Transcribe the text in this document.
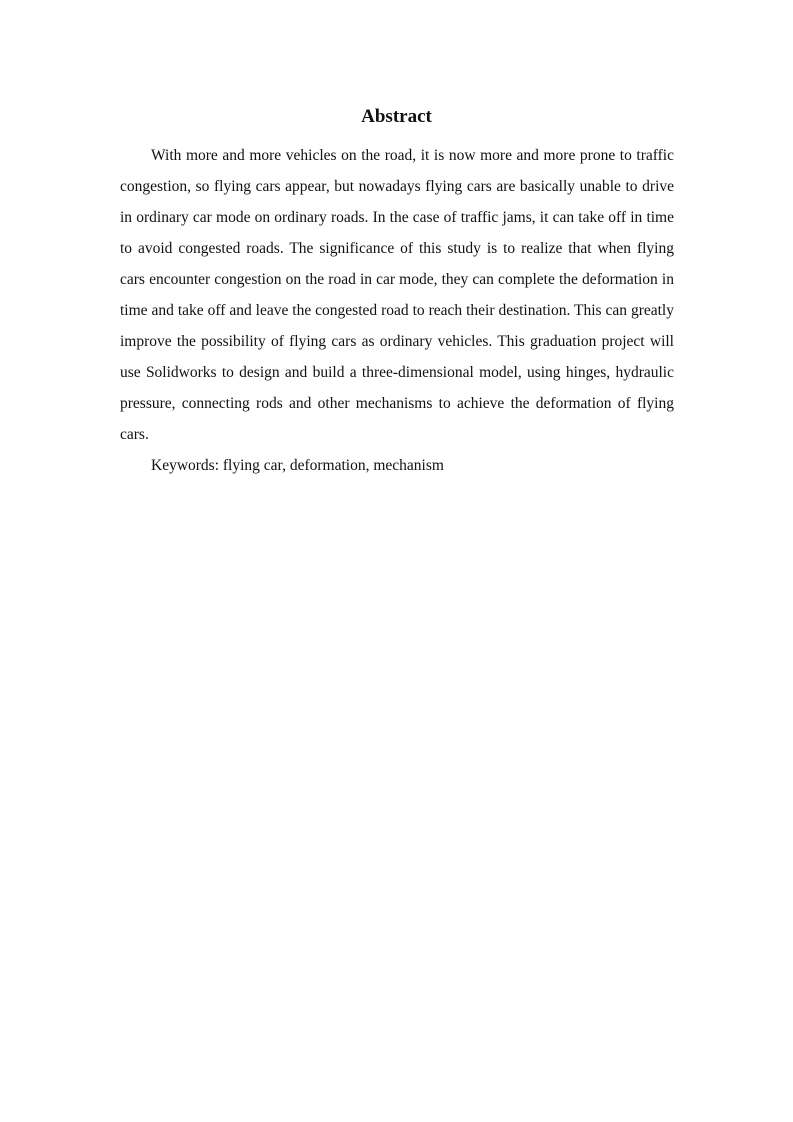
Abstract

With more and more vehicles on the road, it is now more and more prone to traffic congestion, so flying cars appear, but nowadays flying cars are basically unable to drive in ordinary car mode on ordinary roads. In the case of traffic jams, it can take off in time to avoid congested roads. The significance of this study is to realize that when flying cars encounter congestion on the road in car mode, they can complete the deformation in time and take off and leave the congested road to reach their destination. This can greatly improve the possibility of flying cars as ordinary vehicles. This graduation project will use Solidworks to design and build a three-dimensional model, using hinges, hydraulic pressure, connecting rods and other mechanisms to achieve the deformation of flying cars.

Keywords: flying car, deformation, mechanism
